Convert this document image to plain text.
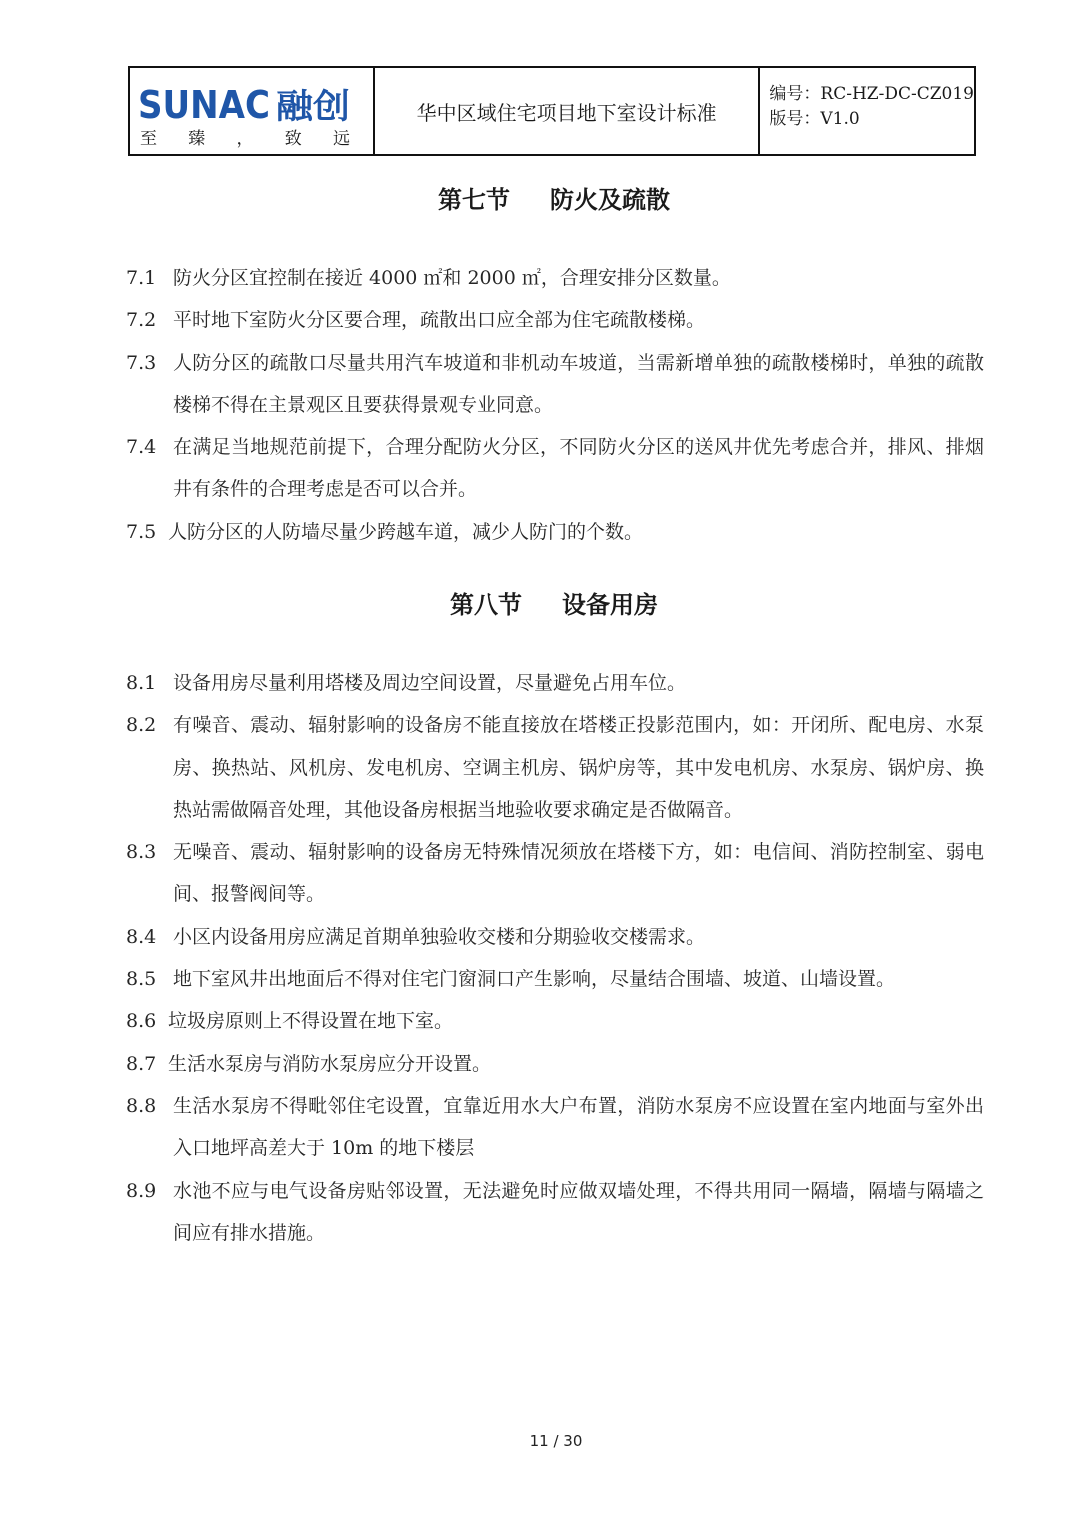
SUNAC 融创
至 臻 ， 致 远
华中区域住宅项目地下室设计标准
编号：RC-HZ-DC-CZ019
版号：V1.0
第七节 防火及疏散
7.1 防火分区宜控制在接近 4000 ㎡和 2000 ㎡，合理安排分区数量。
7.2 平时地下室防火分区要合理，疏散出口应全部为住宅疏散楼梯。
7.3 人防分区的疏散口尽量共用汽车坡道和非机动车坡道，当需新增单独的疏散楼梯时，单独的疏散楼梯不得在主景观区且要获得景观专业同意。
7.4 在满足当地规范前提下，合理分配防火分区，不同防火分区的送风井优先考虑合并，排风、排烟井有条件的合理考虑是否可以合并。
7.5 人防分区的人防墙尽量少跨越车道，减少人防门的个数。
第八节 设备用房
8.1 设备用房尽量利用塔楼及周边空间设置，尽量避免占用车位。
8.2 有噪音、震动、辐射影响的设备房不能直接放在塔楼正投影范围内，如：开闭所、配电房、水泵房、换热站、风机房、发电机房、空调主机房、锅炉房等，其中发电机房、水泵房、锅炉房、换热站需做隔音处理，其他设备房根据当地验收要求确定是否做隔音。
8.3 无噪音、震动、辐射影响的设备房无特殊情况须放在塔楼下方，如：电信间、消防控制室、弱电间、报警阀间等。
8.4 小区内设备用房应满足首期单独验收交楼和分期验收交楼需求。
8.5 地下室风井出地面后不得对住宅门窗洞口产生影响，尽量结合围墙、坡道、山墙设置。
8.6 垃圾房原则上不得设置在地下室。
8.7 生活水泵房与消防水泵房应分开设置。
8.8 生活水泵房不得毗邻住宅设置，宜靠近用水大户布置，消防水泵房不应设置在室内地面与室外出入口地坪高差大于 10m 的地下楼层
8.9 水池不应与电气设备房贴邻设置，无法避免时应做双墙处理，不得共用同一隔墙，隔墙与隔墙之间应有排水措施。
11 / 30
